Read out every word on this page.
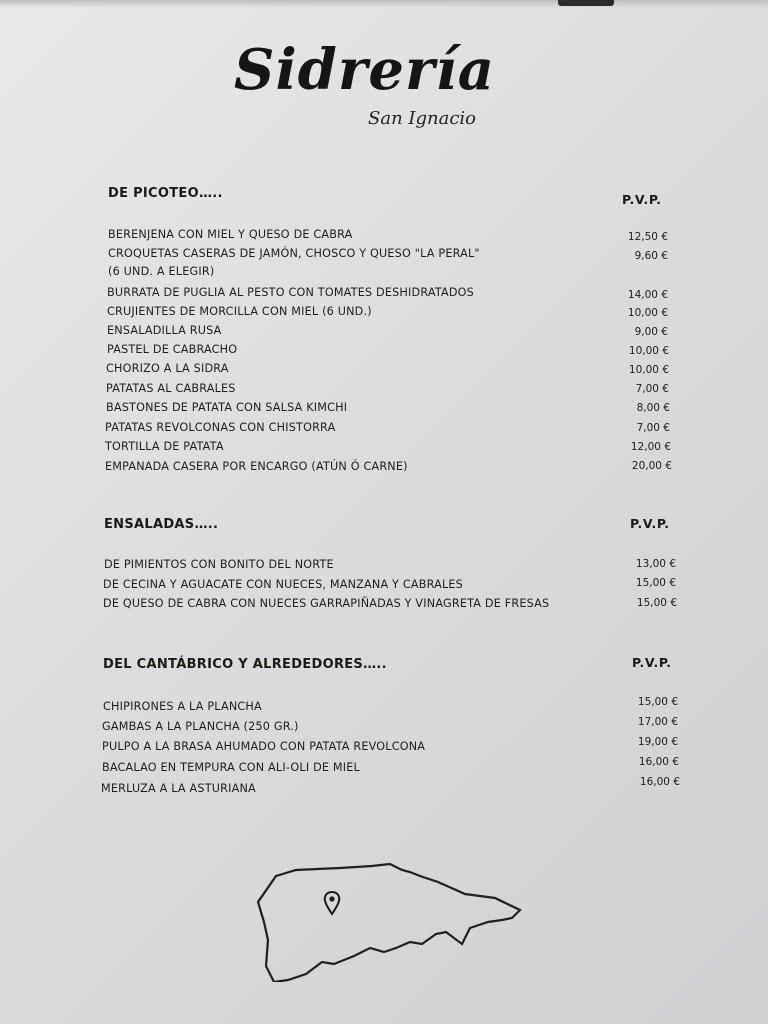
Sidrería
San Ignacio
DE PICOTEO…..	P.V.P.
BERENJENA CON MIEL Y QUESO DE CABRA	12,50 €
CROQUETAS CASERAS DE JAMÓN, CHOSCO Y QUESO "LA PERAL"	9,60 €
(6 UND. A ELEGIR)
BURRATA DE PUGLIA AL PESTO CON TOMATES DESHIDRATADOS	14,00 €
CRUJIENTES DE MORCILLA CON MIEL (6 UND.)	10,00 €
ENSALADILLA RUSA	9,00 €
PASTEL DE CABRACHO	10,00 €
CHORIZO A LA SIDRA	10,00 €
PATATAS AL CABRALES	7,00 €
BASTONES DE PATATA CON SALSA KIMCHI	8,00 €
PATATAS REVOLCONAS CON CHISTORRA	7,00 €
TORTILLA DE PATATA	12,00 €
EMPANADA CASERA POR ENCARGO (ATÚN Ó CARNE)	20,00 €
ENSALADAS…..	P.V.P.
DE PIMIENTOS CON BONITO DEL NORTE	13,00 €
DE CECINA Y AGUACATE CON NUECES, MANZANA Y CABRALES	15,00 €
DE QUESO DE CABRA CON NUECES GARRAPIÑADAS Y VINAGRETA DE FRESAS	15,00 €
DEL CANTÁBRICO Y ALREDEDORES…..	P.V.P.
CHIPIRONES A LA PLANCHA	15,00 €
GAMBAS A LA PLANCHA (250 GR.)	17,00 €
PULPO A LA BRASA AHUMADO CON PATATA REVOLCONA	19,00 €
BACALAO EN TEMPURA CON ALI-OLI DE MIEL	16,00 €
MERLUZA A LA ASTURIANA	16,00 €
